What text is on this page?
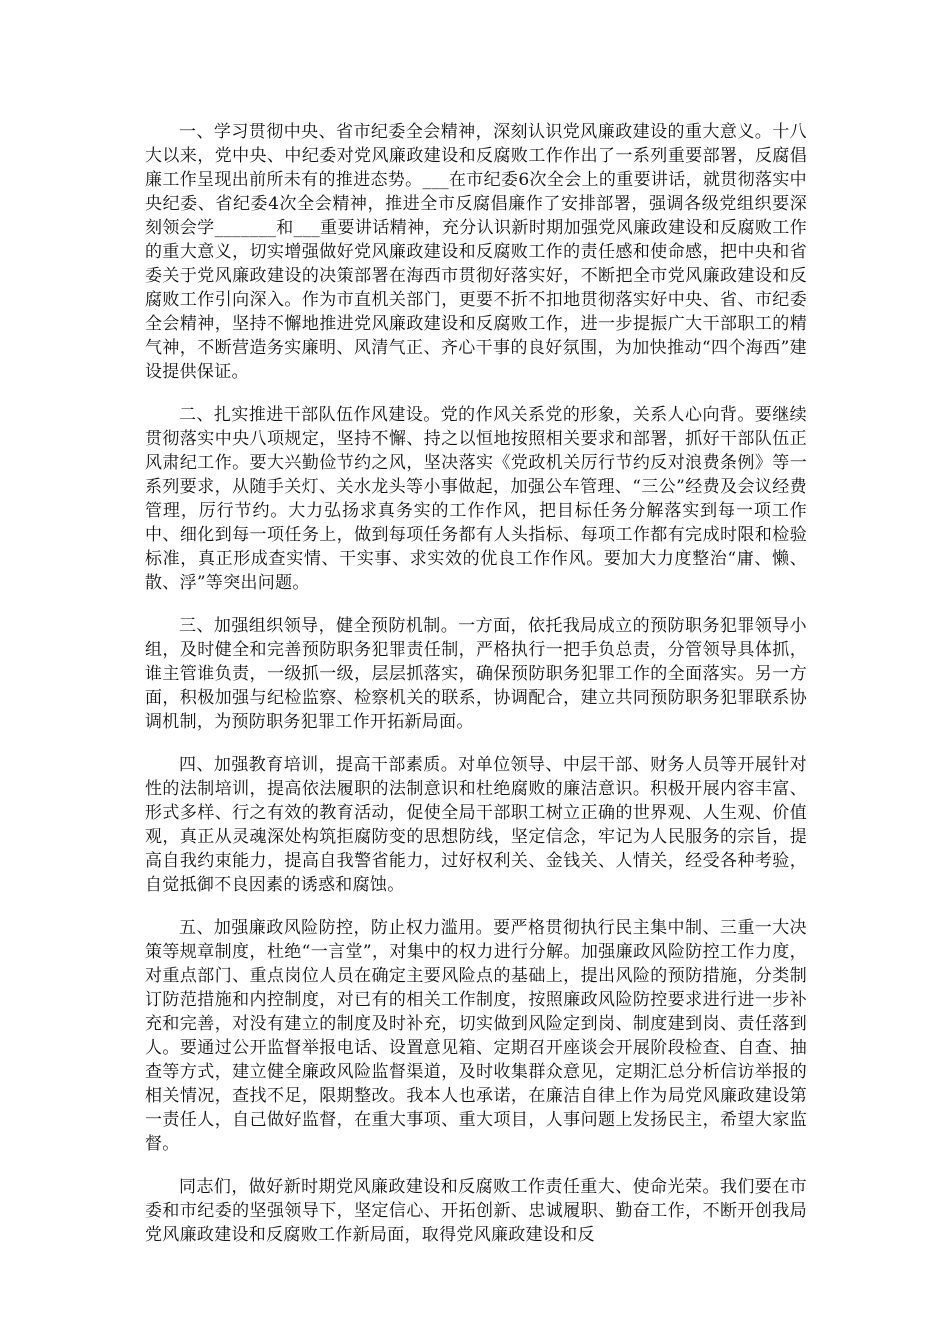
一、学习贯彻中央、省市纪委全会精神，深刻认识党风廉政建设的重大意义。十八大以来，党中央、中纪委对党风廉政建设和反腐败工作作出了一系列重要部署，反腐倡廉工作呈现出前所未有的推进态势。___在市纪委6次全会上的重要讲话，就贯彻落实中央纪委、省纪委4次全会精神，推进全市反腐倡廉作了安排部署，强调各级党组织要深刻领会学_______和___重要讲话精神，充分认识新时期加强党风廉政建设和反腐败工作的重大意义，切实增强做好党风廉政建设和反腐败工作的责任感和使命感，把中央和省委关于党风廉政建设的决策部署在海西市贯彻好落实好，不断把全市党风廉政建设和反腐败工作引向深入。作为市直机关部门，更要不折不扣地贯彻落实好中央、省、市纪委全会精神，坚持不懈地推进党风廉政建设和反腐败工作，进一步提振广大干部职工的精气神，不断营造务实廉明、风清气正、齐心干事的良好氛围，为加快推动“四个海西”建设提供保证。

二、扎实推进干部队伍作风建设。党的作风关系党的形象，关系人心向背。要继续贯彻落实中央八项规定，坚持不懈、持之以恒地按照相关要求和部署，抓好干部队伍正风肃纪工作。要大兴勤俭节约之风，坚决落实《党政机关厉行节约反对浪费条例》等一系列要求，从随手关灯、关水龙头等小事做起，加强公车管理、“三公”经费及会议经费管理，厉行节约。大力弘扬求真务实的工作作风，把目标任务分解落实到每一项工作中、细化到每一项任务上，做到每项任务都有人头指标、每项工作都有完成时限和检验标准，真正形成查实情、干实事、求实效的优良工作作风。要加大力度整治“庸、懒、散、浮”等突出问题。

三、加强组织领导，健全预防机制。一方面，依托我局成立的预防职务犯罪领导小组，及时健全和完善预防职务犯罪责任制，严格执行一把手负总责，分管领导具体抓，谁主管谁负责，一级抓一级，层层抓落实，确保预防职务犯罪工作的全面落实。另一方面，积极加强与纪检监察、检察机关的联系，协调配合，建立共同预防职务犯罪联系协调机制，为预防职务犯罪工作开拓新局面。

四、加强教育培训，提高干部素质。对单位领导、中层干部、财务人员等开展针对性的法制培训，提高依法履职的法制意识和杜绝腐败的廉洁意识。积极开展内容丰富、形式多样、行之有效的教育活动，促使全局干部职工树立正确的世界观、人生观、价值观，真正从灵魂深处构筑拒腐防变的思想防线，坚定信念，牢记为人民服务的宗旨，提高自我约束能力，提高自我警省能力，过好权利关、金钱关、人情关，经受各种考验，自觉抵御不良因素的诱惑和腐蚀。

五、加强廉政风险防控，防止权力滥用。要严格贯彻执行民主集中制、三重一大决策等规章制度，杜绝“一言堂”，对集中的权力进行分解。加强廉政风险防控工作力度，对重点部门、重点岗位人员在确定主要风险点的基础上，提出风险的预防措施，分类制订防范措施和内控制度，对已有的相关工作制度，按照廉政风险防控要求进行进一步补充和完善，对没有建立的制度及时补充，切实做到风险定到岗、制度建到岗、责任落到人。要通过公开监督举报电话、设置意见箱、定期召开座谈会开展阶段检查、自查、抽查等方式，建立健全廉政风险监督渠道，及时收集群众意见，定期汇总分析信访举报的相关情况，查找不足，限期整改。我本人也承诺，在廉洁自律上作为局党风廉政建设第一责任人，自己做好监督，在重大事项、重大项目，人事问题上发扬民主，希望大家监督。

同志们，做好新时期党风廉政建设和反腐败工作责任重大、使命光荣。我们要在市委和市纪委的坚强领导下，坚定信心、开拓创新、忠诚履职、勤奋工作，不断开创我局党风廉政建设和反腐败工作新局面，取得党风廉政建设和反
